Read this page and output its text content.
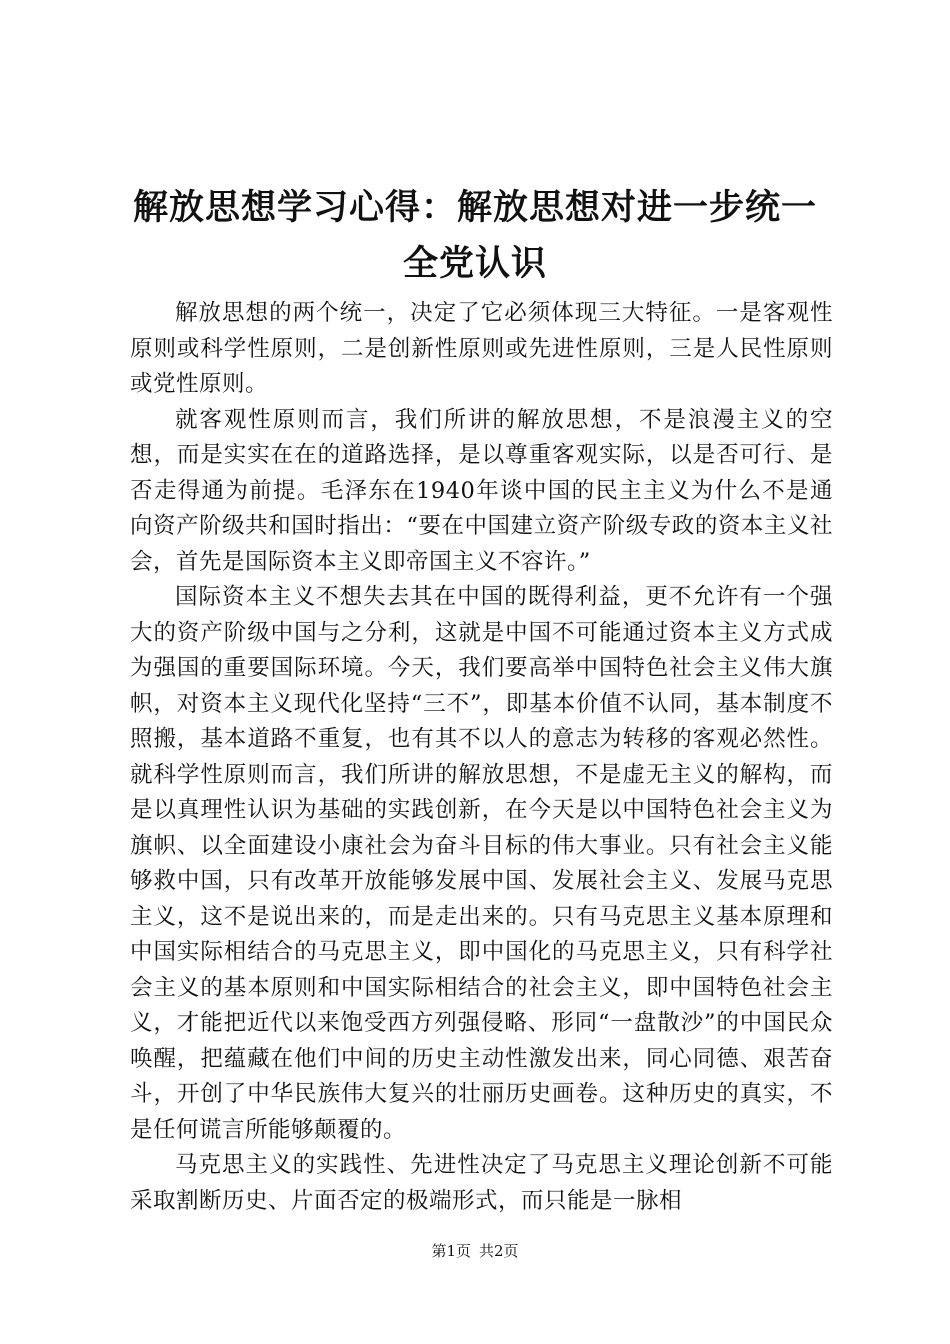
解放思想学习心得：解放思想对进一步统一全党认识

解放思想的两个统一，决定了它必须体现三大特征。一是客观性原则或科学性原则，二是创新性原则或先进性原则，三是人民性原则或党性原则。

就客观性原则而言，我们所讲的解放思想，不是浪漫主义的空想，而是实实在在的道路选择，是以尊重客观实际，以是否可行、是否走得通为前提。毛泽东在1940年谈中国的民主主义为什么不是通向资产阶级共和国时指出：“要在中国建立资产阶级专政的资本主义社会，首先是国际资本主义即帝国主义不容许。”

国际资本主义不想失去其在中国的既得利益，更不允许有一个强大的资产阶级中国与之分利，这就是中国不可能通过资本主义方式成为强国的重要国际环境。今天，我们要高举中国特色社会主义伟大旗帜，对资本主义现代化坚持“三不”，即基本价值不认同，基本制度不照搬，基本道路不重复，也有其不以人的意志为转移的客观必然性。就科学性原则而言，我们所讲的解放思想，不是虚无主义的解构，而是以真理性认识为基础的实践创新，在今天是以中国特色社会主义为旗帜、以全面建设小康社会为奋斗目标的伟大事业。只有社会主义能够救中国，只有改革开放能够发展中国、发展社会主义、发展马克思主义，这不是说出来的，而是走出来的。只有马克思主义基本原理和中国实际相结合的马克思主义，即中国化的马克思主义，只有科学社会主义的基本原则和中国实际相结合的社会主义，即中国特色社会主义，才能把近代以来饱受西方列强侵略、形同“一盘散沙”的中国民众唤醒，把蕴藏在他们中间的历史主动性激发出来，同心同德、艰苦奋斗，开创了中华民族伟大复兴的壮丽历史画卷。这种历史的真实，不是任何谎言所能够颠覆的。

马克思主义的实践性、先进性决定了马克思主义理论创新不可能采取割断历史、片面否定的极端形式，而只能是一脉相

第1页 共2页
